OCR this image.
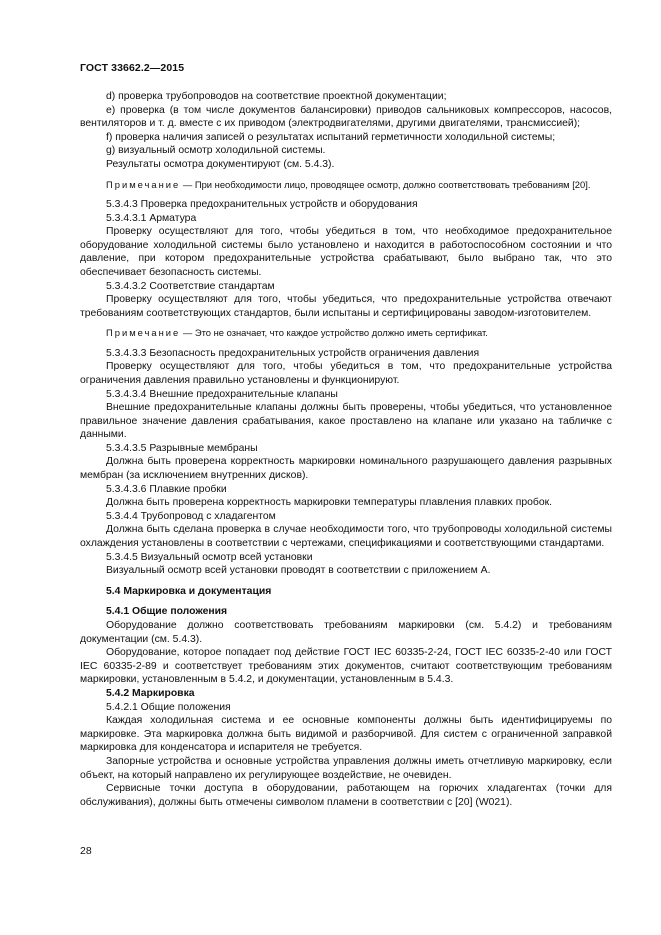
ГОСТ 33662.2—2015

d) проверка трубопроводов на соответствие проектной документации;

е) проверка (в том числе документов балансировки) приводов сальниковых компрессоров, насосов, вентиляторов и т. д. вместе с их приводом (электродвигателями, другими двигателями, трансмиссией);

f) проверка наличия записей о результатах испытаний герметичности холодильной системы;

g) визуальный осмотр холодильной системы.

Результаты осмотра документируют (см. 5.4.3).

Примечание — При необходимости лицо, проводящее осмотр, должно соответствовать требованиям [20].

5.3.4.3 Проверка предохранительных устройств и оборудования

5.3.4.3.1 Арматура

Проверку осуществляют для того, чтобы убедиться в том, что необходимое предохранительное оборудование холодильной системы было установлено и находится в работоспособном состоянии и что давление, при котором предохранительные устройства срабатывают, было выбрано так, что это обеспечивает безопасность системы.

5.3.4.3.2 Соответствие стандартам

Проверку осуществляют для того, чтобы убедиться, что предохранительные устройства отвечают требованиям соответствующих стандартов, были испытаны и сертифицированы заводом-изготовителем.

Примечание — Это не означает, что каждое устройство должно иметь сертификат.

5.3.4.3.3 Безопасность предохранительных устройств ограничения давления

Проверку осуществляют для того, чтобы убедиться в том, что предохранительные устройства ограничения давления правильно установлены и функционируют.

5.3.4.3.4 Внешние предохранительные клапаны

Внешние предохранительные клапаны должны быть проверены, чтобы убедиться, что установленное правильное значение давления срабатывания, какое проставлено на клапане или указано на табличке с данными.

5.3.4.3.5 Разрывные мембраны

Должна быть проверена корректность маркировки номинального разрушающего давления разрывных мембран (за исключением внутренних дисков).

5.3.4.3.6 Плавкие пробки

Должна быть проверена корректность маркировки температуры плавления плавких пробок.

5.3.4.4 Трубопровод с хладагентом

Должна быть сделана проверка в случае необходимости того, что трубопроводы холодильной системы охлаждения установлены в соответствии с чертежами, спецификациями и соответствующими стандартами.

5.3.4.5 Визуальный осмотр всей установки

Визуальный осмотр всей установки проводят в соответствии с приложением А.

5.4 Маркировка и документация

5.4.1 Общие положения

Оборудование должно соответствовать требованиям маркировки (см. 5.4.2) и требованиям документации (см. 5.4.3).

Оборудование, которое попадает под действие ГОСТ IEC 60335-2-24, ГОСТ IEC 60335-2-40 или ГОСТ IEC 60335-2-89 и соответствует требованиям этих документов, считают соответствующим требованиям маркировки, установленным в 5.4.2, и документации, установленным в 5.4.3.

5.4.2 Маркировка

5.4.2.1 Общие положения

Каждая холодильная система и ее основные компоненты должны быть идентифицируемы по маркировке. Эта маркировка должна быть видимой и разборчивой. Для систем с ограниченной заправкой маркировка для конденсатора и испарителя не требуется.

Запорные устройства и основные устройства управления должны иметь отчетливую маркировку, если объект, на который направлено их регулирующее воздействие, не очевиден.

Сервисные точки доступа в оборудовании, работающем на горючих хладагентах (точки для обслуживания), должны быть отмечены символом пламени в соответствии с [20] (W021).

28
